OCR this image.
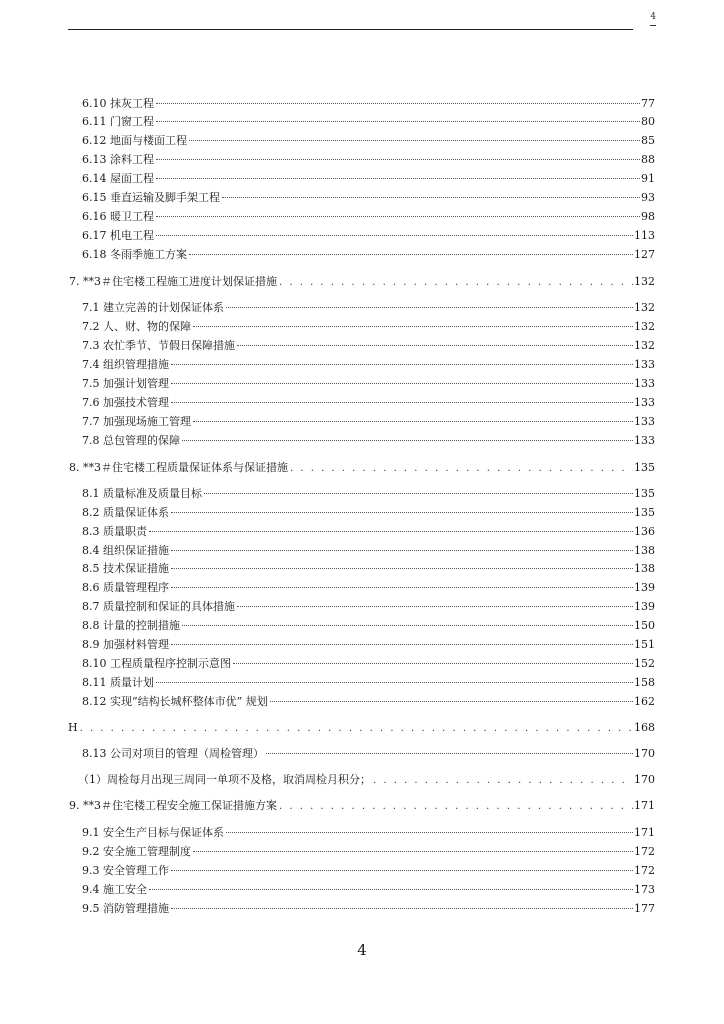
4
6.10 抹灰工程	77
6.11 门窗工程	80
6.12 地面与楼面工程	85
6.13 涂料工程	88
6.14 屋面工程	91
6.15 垂直运输及脚手架工程	93
6.16 暖卫工程	98
6.17 机电工程	113
6.18 冬雨季施工方案	127
7. **3＃住宅楼工程施工进度计划保证措施 . . .	132
7.1 建立完善的计划保证体系	132
7.2 人、财、物的保障	132
7.3 农忙季节、节假日保障措施	132
7.4 组织管理措施	133
7.5 加强计划管理	133
7.6 加强技术管理	133
7.7 加强现场施工管理	133
7.8 总包管理的保障	133
8. **3＃住宅楼工程质量保证体系与保证措施 . . .	135
8.1 质量标准及质量目标	135
8.2 质量保证体系	135
8.3 质量职责	136
8.4 组织保证措施	138
8.5 技术保证措施	138
8.6 质量管理程序	139
8.7 质量控制和保证的具体措施	139
8.8 计量的控制措施	150
8.9 加强材料管理	151
8.10 工程质量程序控制示意图	152
8.11 质量计划	158
8.12 实现“结构长城杯整体市优” 规划	162
H . . .	168
8.13 公司对项目的管理（周检管理）	170
（1）周检每月出现三周同一单项不及格，取消周检月积分； . . .	170
9. **3＃住宅楼工程安全施工保证措施方案 . . .	171
9.1 安全生产目标与保证体系	171
9.2 安全施工管理制度	172
9.3 安全管理工作	172
9.4 施工安全	173
9.5 消防管理措施	177
4
